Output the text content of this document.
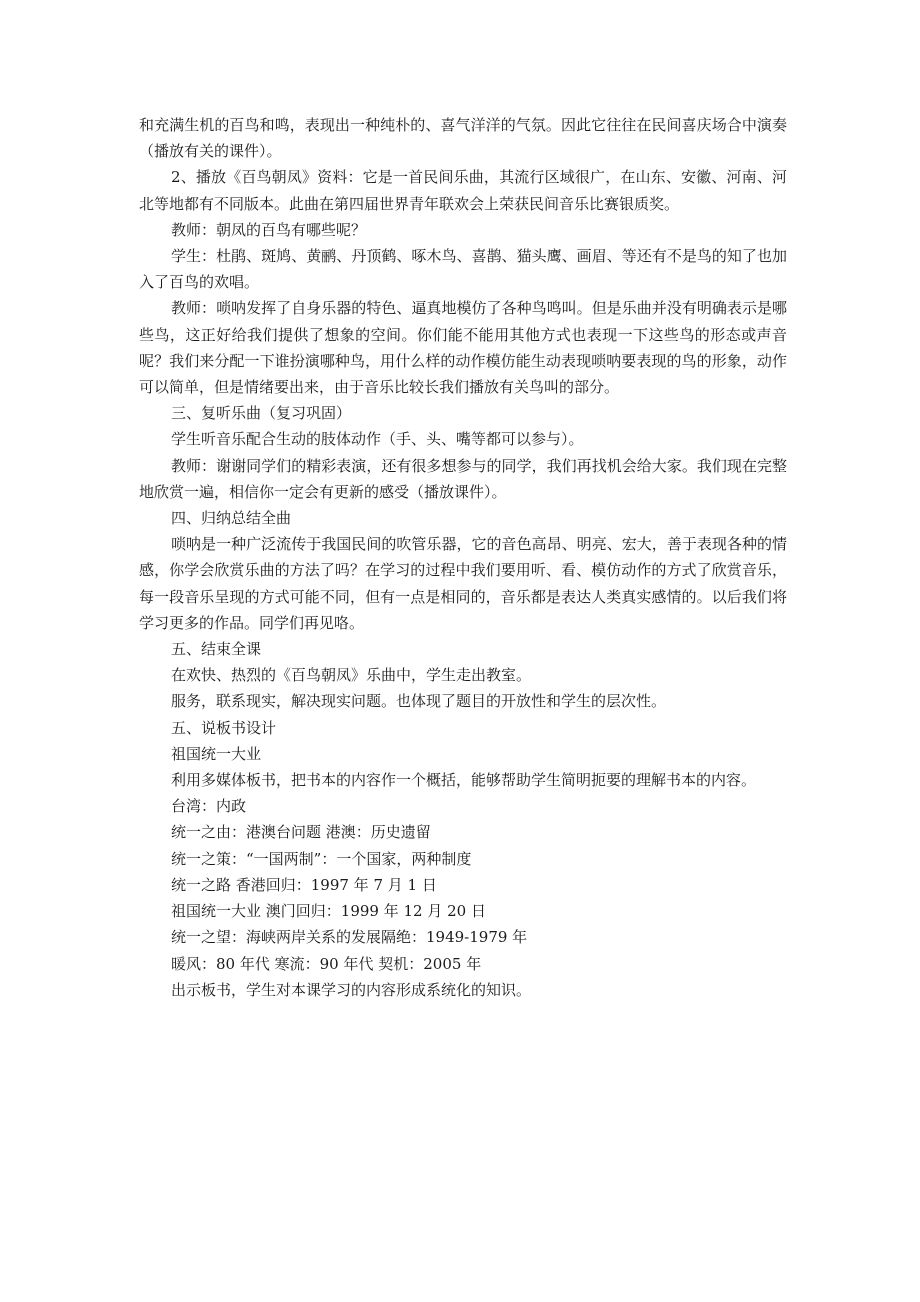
和充满生机的百鸟和鸣，表现出一种纯朴的、喜气洋洋的气氛。因此它往往在民间喜庆场合中演奏（播放有关的课件）。

2、播放《百鸟朝凤》资料：它是一首民间乐曲，其流行区域很广，在山东、安徽、河南、河北等地都有不同版本。此曲在第四届世界青年联欢会上荣获民间音乐比赛银质奖。

教师：朝凤的百鸟有哪些呢？

学生：杜鹃、斑鸠、黄鹂、丹顶鹤、啄木鸟、喜鹊、猫头鹰、画眉、等还有不是鸟的知了也加入了百鸟的欢唱。

教师：唢呐发挥了自身乐器的特色、逼真地模仿了各种鸟鸣叫。但是乐曲并没有明确表示是哪些鸟，这正好给我们提供了想象的空间。你们能不能用其他方式也表现一下这些鸟的形态或声音呢？我们来分配一下谁扮演哪种鸟，用什么样的动作模仿能生动表现唢呐要表现的鸟的形象，动作可以简单，但是情绪要出来，由于音乐比较长我们播放有关鸟叫的部分。

三、复听乐曲（复习巩固）

学生听音乐配合生动的肢体动作（手、头、嘴等都可以参与）。

教师：谢谢同学们的精彩表演，还有很多想参与的同学，我们再找机会给大家。我们现在完整地欣赏一遍，相信你一定会有更新的感受（播放课件）。

四、归纳总结全曲

唢呐是一种广泛流传于我国民间的吹管乐器，它的音色高昂、明亮、宏大，善于表现各种的情感，你学会欣赏乐曲的方法了吗？在学习的过程中我们要用听、看、模仿动作的方式了欣赏音乐，每一段音乐呈现的方式可能不同，但有一点是相同的，音乐都是表达人类真实感情的。以后我们将学习更多的作品。同学们再见咯。

五、结束全课

在欢快、热烈的《百鸟朝凤》乐曲中，学生走出教室。

服务，联系现实，解决现实问题。也体现了题目的开放性和学生的层次性。

五、说板书设计

祖国统一大业

利用多媒体板书，把书本的内容作一个概括，能够帮助学生简明扼要的理解书本的内容。

台湾：内政

统一之由：港澳台问题 港澳：历史遗留

统一之策：“一国两制”：一个国家，两种制度

统一之路 香港回归：1997 年 7 月 1 日

祖国统一大业 澳门回归：1999 年 12 月 20 日

统一之望：海峡两岸关系的发展隔绝：1949-1979 年

暖风：80 年代 寒流：90 年代 契机：2005 年

出示板书，学生对本课学习的内容形成系统化的知识。
